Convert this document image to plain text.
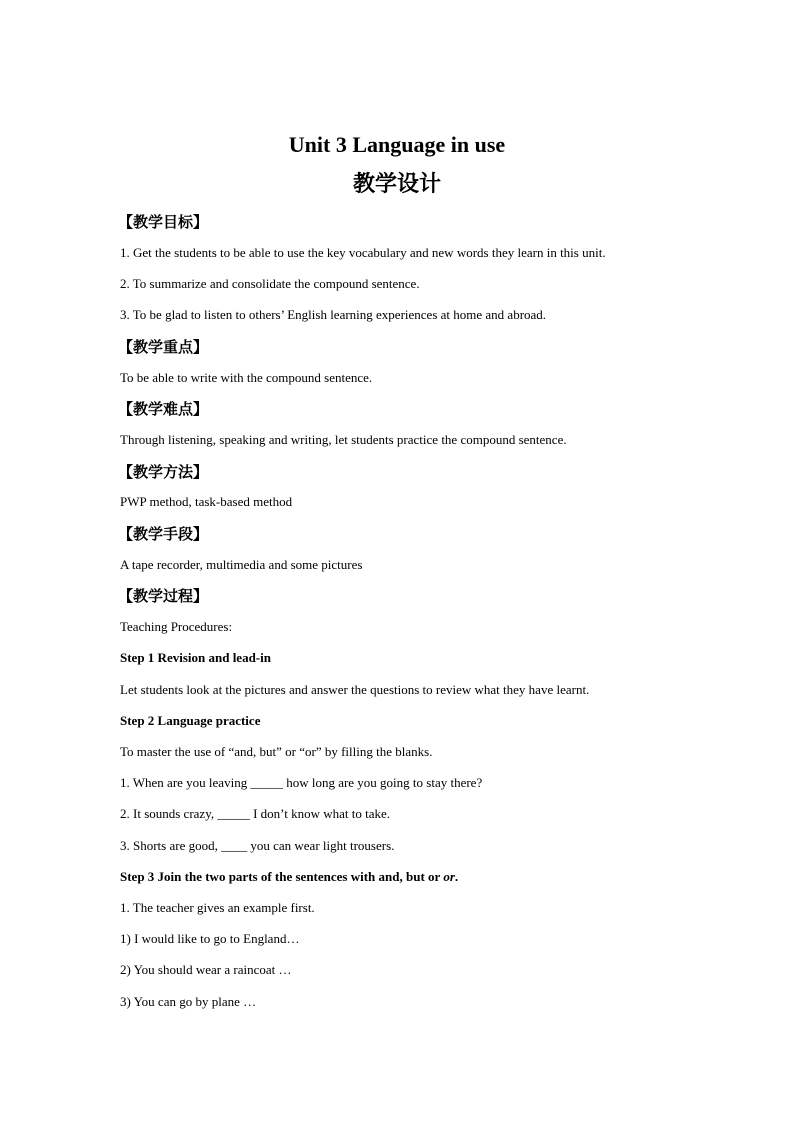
Unit 3 Language in use
教学设计
【教学目标】
1. Get the students to be able to use the key vocabulary and new words they learn in this unit.
2. To summarize and consolidate the compound sentence.
3. To be glad to listen to others’ English learning experiences at home and abroad.
【教学重点】
To be able to write with the compound sentence.
【教学难点】
Through listening, speaking and writing, let students practice the compound sentence.
【教学方法】
PWP method, task-based method
【教学手段】
A tape recorder, multimedia and some pictures
【教学过程】
Teaching Procedures:
Step 1 Revision and lead-in
Let students look at the pictures and answer the questions to review what they have learnt.
Step 2 Language practice
To master the use of “and, but” or “or” by filling the blanks.
1. When are you leaving _____ how long are you going to stay there?
2. It sounds crazy, _____ I don’t know what to take.
3. Shorts are good, ____ you can wear light trousers.
Step 3 Join the two parts of the sentences with and, but or or.
1. The teacher gives an example first.
1) I would like to go to England…
2) You should wear a raincoat …
3) You can go by plane …
